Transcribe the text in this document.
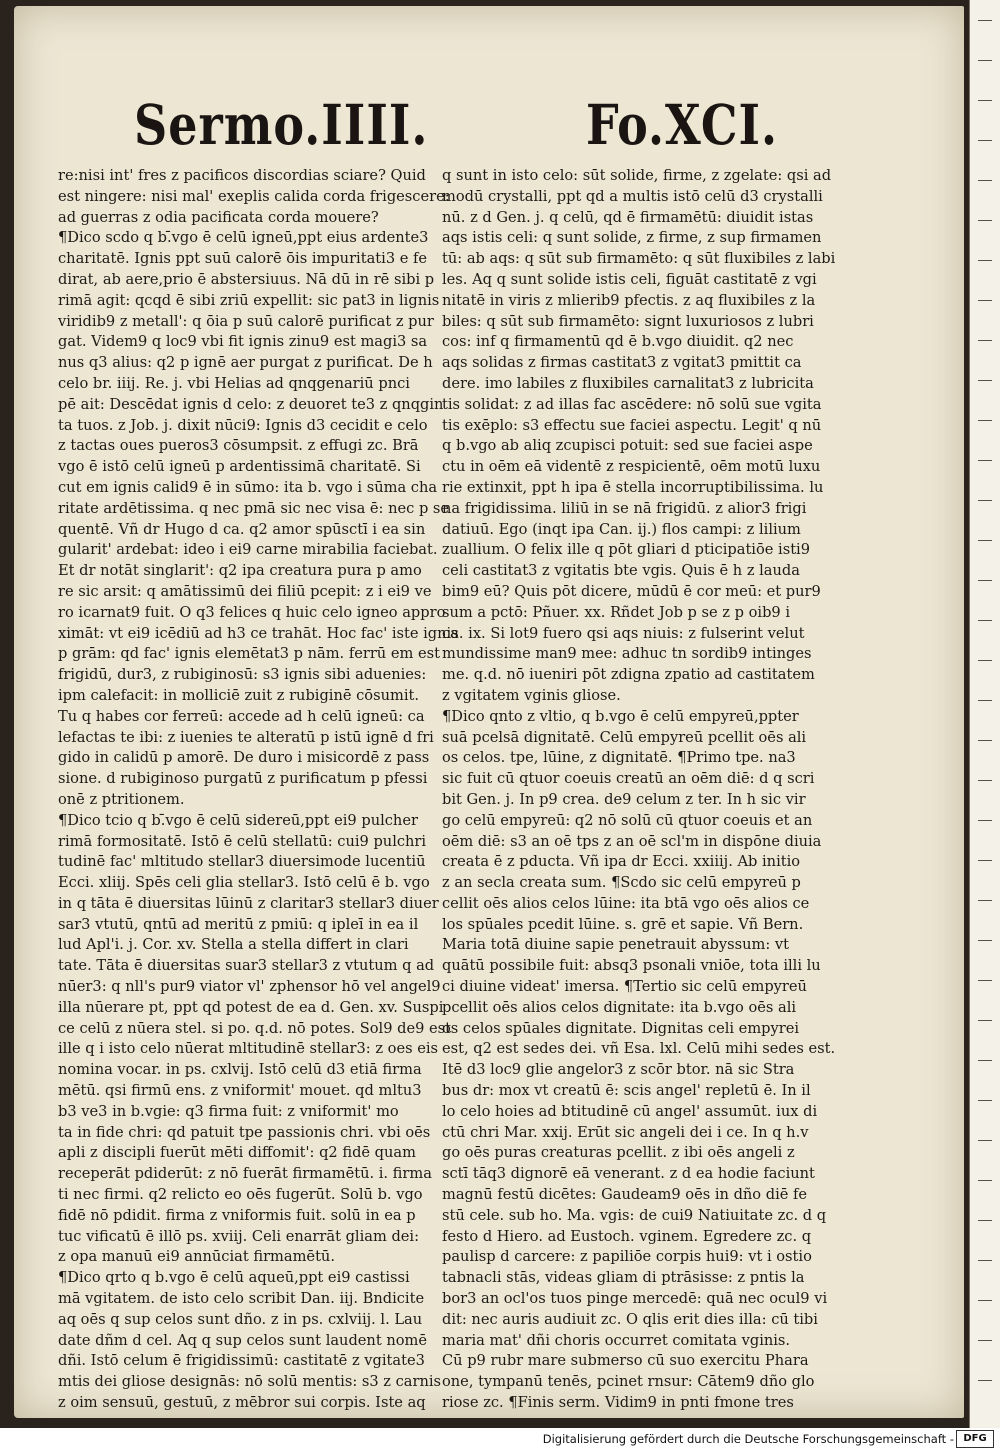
Sermo.IIII.	Fo.XCI.
re:nisi int' fres z pacificos discordias sciare? Quid
est ningere: nisi mal' exeplis calida corda frigescere:
ad guerras z odia pacificata corda mouere?
¶Dico scdo q b.̄vgo ē celū igneū,ppt eius ardente3
charitatē. Ignis ppt suū calorē ōis impuritati3 e fe
dirat, ab aere,prio ē abstersiuus. Nā dū in rē sibi p
rimā agit: qcqd ē sibi zriū expellit: sic pat3 in lignis
viridib9 z metall': q ōia p suū calorē purificat z pur
gat. Videm9 q loc9 vbi fit ignis zinu9 est magi3 sa
nus q3 alius: q2 p ignē aer purgat z purificat. De h
celo br. iiij. Re. j. vbi Helias ad qnqgenariū pnci
pē ait: Descēdat ignis d celo: z deuoret te3 z qnqgin
ta tuos. z Job. j. dixit nūci9: Ignis d3 cecidit e celo
z tactas oues pueros3 cōsumpsit. z effugi zc. Brā
vgo ē istō celū igneū p ardentissimā charitatē. Si
cut em ignis calid9 ē in sūmo: ita b. vgo i sūma cha
ritate ardētissima. q nec pmā sic nec visa ē: nec p se
quentē. Vñ dr Hugo d ca. q2 amor spūsctī i ea sin
gularit' ardebat: ideo i ei9 carne mirabilia faciebat.
Et dr notāt singlarit': q2 ipa creatura pura p amo
re sic arsit: q amātissimū dei filiū pcepit: z i ei9 ve
ro icarnat9 fuit. O q3 felices q huic celo igneo appro
ximāt: vt ei9 icēdiū ad h3 ce trahāt. Hoc fac' iste ignis
p grām: qd fac' ignis elemētat3 p nām. ferrū em est
frigidū, dur3, z rubiginosū: s3 ignis sibi aduenies:
ipm calefacit: in molliciē zuit z rubiginē cōsumit.
Tu q habes cor ferreū: accede ad h celū igneū: ca
lefactas te ibi: z iuenies te alteratū p istū ignē d fri
gido in calidū p amorē. De duro i misicordē z pass
sione. d rubiginoso purgatū z purificatum p pfessi
onē z ptritionem.
¶Dico tcio q b.̄vgo ē celū sidereū,ppt ei9 pulcher
rimā formositatē. Istō ē celū stellatū: cui9 pulchri
tudinē fac' mltitudo stellar3 diuersimode lucentiū
Ecci. xliij. Spēs celi glia stellar3. Istō celū ē b. vgo
in q tāta ē diuersitas lūinū z claritar3 stellar3 diuer
sar3 vtutū, qntū ad meritū z pmiū: q ipleī in ea il
lud Apl'i. j. Cor. xv. Stella a stella differt in clari
tate. Tāta ē diuersitas suar3 stellar3 z vtutum q ad
nūer3: q nll's pur9 viator vl' zphensor hō vel angel9
illa nūerare pt, ppt qd potest de ea d. Gen. xv. Suspi
ce celū z nūera stel. si po. q.d. nō potes. Sol9 de9 est
ille q i isto celo nūerat mltitudinē stellar3: z oes eis
nomina vocar. in ps. cxlvij. Istō celū d3 etiā firma
mētū. qsi firmū ens. z vniformit' mouet. qd mltu3
b3 ve3 in b.vgie: q3 firma fuit: z vniformit' mo
ta in fide chri: qd patuit tpe passionis chri. vbi oēs
apli z discipli fuerūt mēti diffomit': q2 fidē quam
receperāt pdiderūt: z nō fuerāt firmamētū. i. firma
ti nec firmi. q2 relicto eo oēs fugerūt. Solū b. vgo
fidē nō pdidit. firma z vniformis fuit. solū in ea p
tuc vificatū ē illō ps. xviij. Celi enarrāt gliam dei:
z opa manuū ei9 annūciat firmamētū.
¶Dico qrto q b.vgo ē celū aqueū,ppt ei9 castissi
mā vgitatem. de isto celo scribit Dan. iij. Bndicite
aq oēs q sup celos sunt dño. z in ps. cxlviij. l. Lau
date dñm d cel. Aq q sup celos sunt laudent nomē
dñi. Istō celum ē frigidissimū: castitatē z vgitate3
mtis dei gliose designās: nō solū mentis: s3 z carnis
z oim sensuū, gestuū, z mēbror sui corpis. Iste aq
q sunt in isto celo: sūt solide, firme, z zgelate: qsi ad
modū crystalli, ppt qd a multis istō celū d3 crystalli
nū. z d Gen. j. q celū, qd ē firmamētū: diuidit istas
aqs istis celi: q sunt solide, z firme, z sup firmamen
tū: ab aqs: q sūt sub firmamēto: q sūt fluxibiles z labi
les. Aq q sunt solide istis celi, figuāt castitatē z vgi
nitatē in viris z mlierib9 pfectis. z aq fluxibiles z la
biles: q sūt sub firmamēto: signt luxuriosos z lubri
cos: inf q firmamentū qd ē b.vgo diuidit. q2 nec
aqs solidas z firmas castitat3 z vgitat3 pmittit ca
dere. imo labiles z fluxibiles carnalitat3 z lubricita
tis solidat: z ad illas fac ascēdere: nō solū sue vgita
tis exēplo: s3 effectu sue faciei aspectu. Legit' q nū
q b.vgo ab aliq zcupisci potuit: sed sue faciei aspe
ctu in oēm eā videntē z respicientē, oēm motū luxu
rie extinxit, ppt h ipa ē stella incorruptibilissima. lu
na frigidissima. liliū in se nā frigidū. z alior3 frigi
datiuū. Ego (inqt ipa Can. ij.) flos campi: z lilium
zuallium. O felix ille q pōt gliari d pticipatiōe isti9
celi castitat3 z vgitatis bte vgis. Quis ē h z lauda
bim9 eū? Quis pōt dicere, mūdū ē cor meū: et pur9
sum a pctō: Pñuer. xx. Rñdet Job p se z p oib9 i
ca. ix. Si lot9 fuero qsi aqs niuis: z fulserint velut
mundissime man9 mee: adhuc tn sordib9 intinges
me. q.d. nō iueniri pōt zdigna zpatio ad castitatem
z vgitatem vginis gliose.
¶Dico qnto z vltio, q b.vgo ē celū empyreū,ppter
suā pcelsā dignitatē. Celū empyreū pcellit oēs ali
os celos. tpe, lūine, z dignitatē. ¶Primo tpe. na3
sic fuit cū qtuor coeuis creatū an oēm diē: d q scri
bit Gen. j. In p9 crea. de9 celum z ter. In h sic vir
go celū empyreū: q2 nō solū cū qtuor coeuis et an
oēm diē: s3 an oē tps z an oē scl'm in dispōne diuia
creata ē z pducta. Vñ ipa dr Ecci. xxiiij. Ab initio
z an secla creata sum. ¶Scdo sic celū empyreū p
cellit oēs alios celos lūine: ita btā vgo oēs alios ce
los spūales pcedit lūine. s. grē et sapie. Vñ Bern.
Maria totā diuine sapie penetrauit abyssum: vt
quātū possibile fuit: absq3 psonali vniōe, tota illi lu
ci diuine videat' imersa. ¶Tertio sic celū empyreū
pcellit oēs alios celos dignitate: ita b.vgo oēs ali
os celos spūales dignitate. Dignitas celi empyrei
est, q2 est sedes dei. vñ Esa. lxl. Celū mihi sedes est.
Itē d3 loc9 glie angelor3 z scōr btor. nā sic Stra
bus dr: mox vt creatū ē: scis angel' repletū ē. In il
lo celo hoies ad btitudinē cū angel' assumūt. iux di
ctū chri Mar. xxij. Erūt sic angeli dei i ce. In q h.v
go oēs puras creaturas pcellit. z ibi oēs angeli z
sctī tāq3 dignorē eā venerant. z d ea hodie faciunt
magnū festū dicētes: Gaudeam9 oēs in dño diē fe
stū cele. sub ho. Ma. vgis: de cui9 Natiuitate zc. d q
festo d Hiero. ad Eustoch. vginem. Egredere zc. q
paulisp d carcere: z papiliōe corpis hui9: vt i ostio
tabnacli stās, videas gliam di ptrāsisse: z pntis la
bor3 an ocl'os tuos pinge mercedē: quā nec ocul9 vi
dit: nec auris audiuit zc. O qlis erit dies illa: cū tibi
maria mat' dñi choris occurret comitata vginis.
Cū p9 rubr mare submerso cū suo exercitu Phara
one, tympanū tenēs, pcinet rnsur: Cātem9 dño glo
riose zc. ¶Finis serm. Vidim9 in pnti fmone tres
Digitalisierung gefördert durch die Deutsche Forschungsgemeinschaft - DFG
